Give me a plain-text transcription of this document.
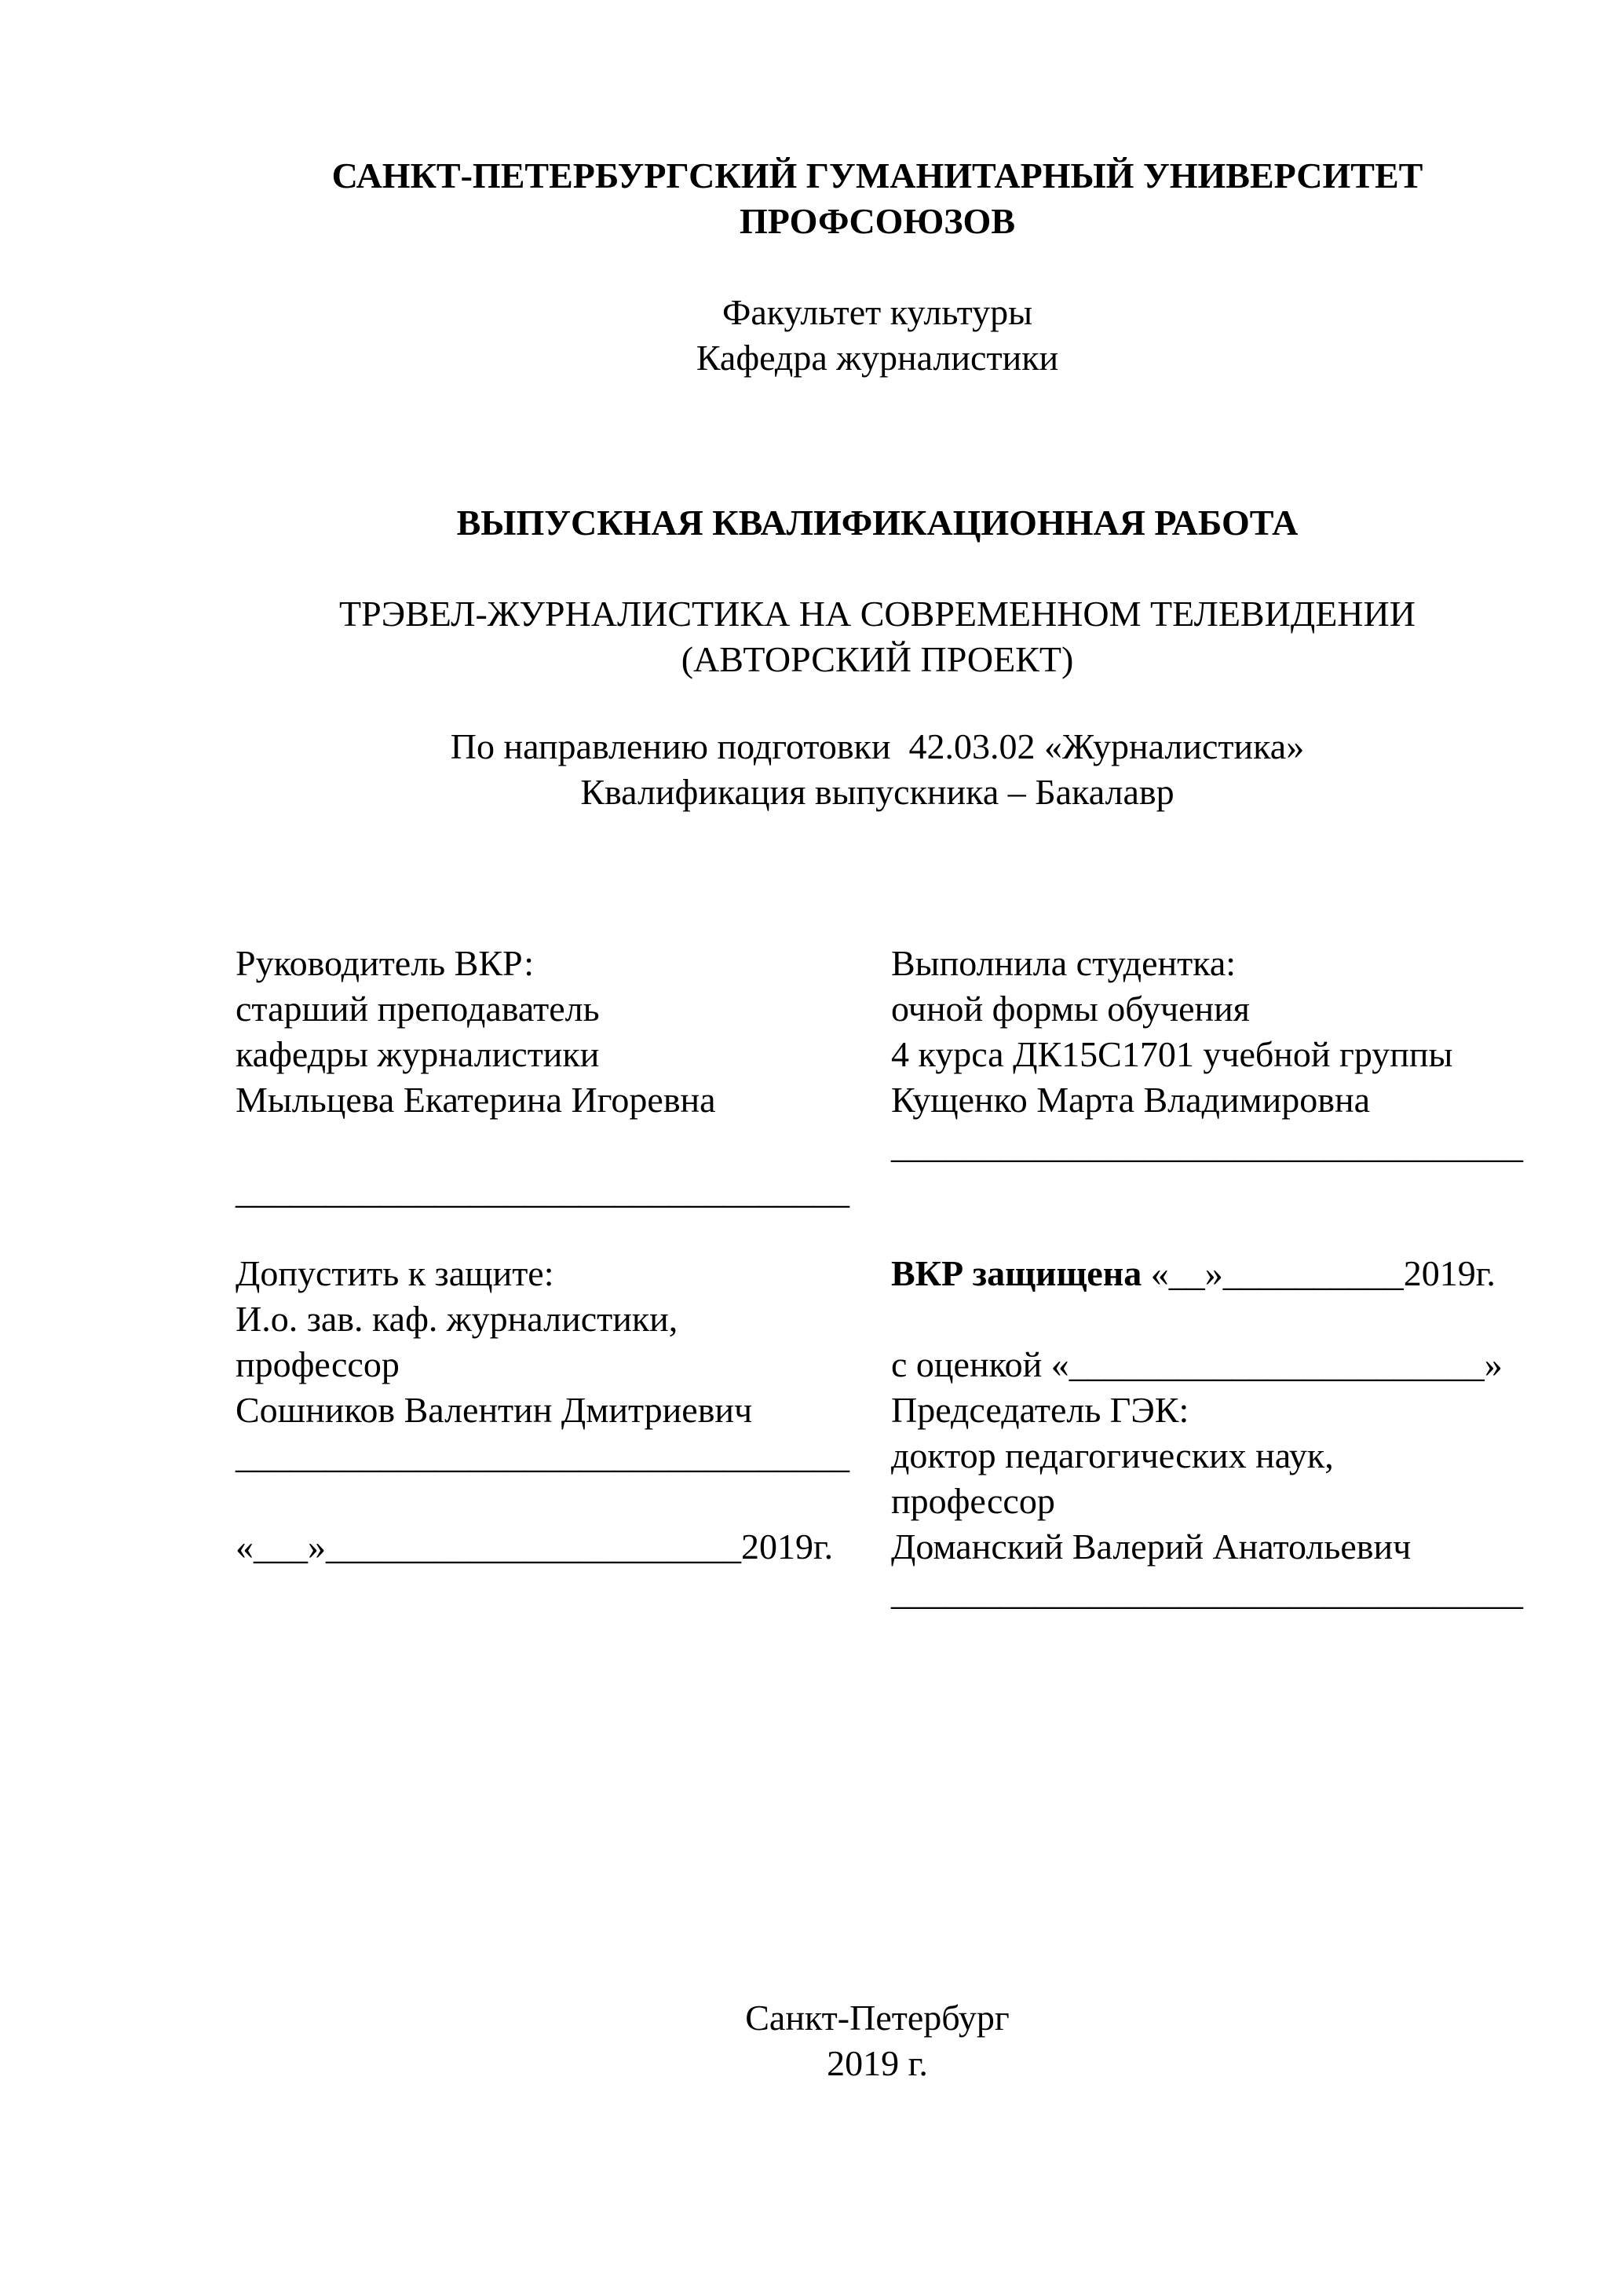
САНКТ-ПЕТЕРБУРГСКИЙ ГУМАНИТАРНЫЙ УНИВЕРСИТЕТ
ПРОФСОЮЗОВ
Факультет культуры
Кафедра журналистики
ВЫПУСКНАЯ КВАЛИФИКАЦИОННАЯ РАБОТА
ТРЭВЕЛ-ЖУРНАЛИСТИКА НА СОВРЕМЕННОМ ТЕЛЕВИДЕНИИ
(АВТОРСКИЙ ПРОЕКТ)
По направлению подготовки  42.03.02 «Журналистика»
Квалификация выпускника – Бакалавр
Руководитель ВКР:
старший преподаватель
кафедры журналистики
Мыльцева Екатерина Игоревна
__________________________________
Выполнила студентка:
очной формы обучения
4 курса ДК15С1701 учебной группы
Кущенко Марта Владимировна
___________________________________
Допустить к защите:
И.о. зав. каф. журналистики,
профессор
Сошников Валентин Дмитриевич
__________________________________
«___»_______________________2019г.
ВКР защищена «__»__________2019г.
с оценкой «_______________________»
Председатель ГЭК:
доктор педагогических наук,
профессор
Доманский Валерий Анатольевич
___________________________________
Санкт-Петербург
2019 г.
